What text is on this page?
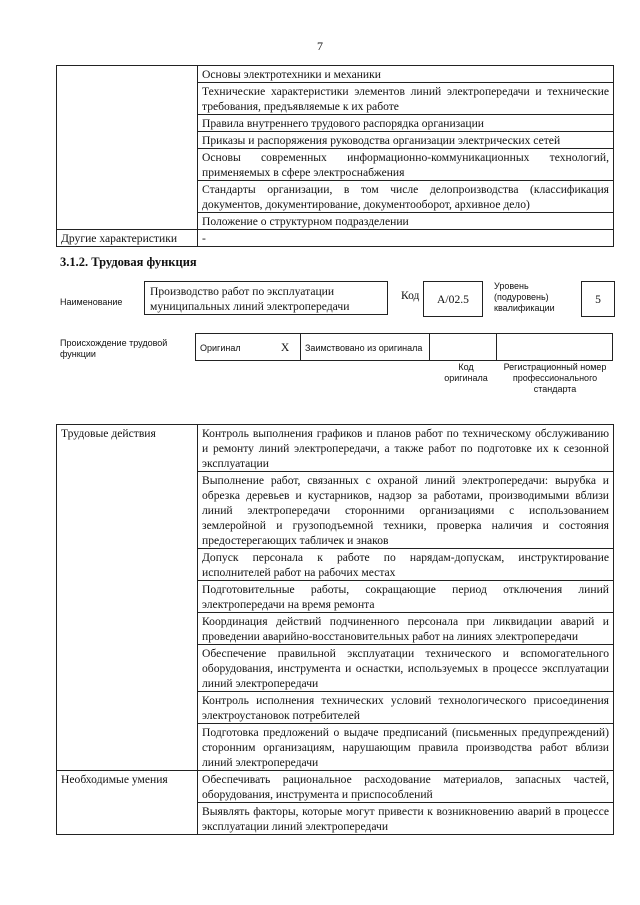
7
	Основы электротехники и механики
	Технические характеристики элементов линий электропередачи и технические требования, предъявляемые к их работе
	Правила внутреннего трудового распорядка организации
	Приказы и распоряжения руководства организации электрических сетей
	Основы современных информационно-коммуникационных технологий, применяемых в сфере электроснабжения
	Стандарты организации, в том числе делопроизводства (классификация документов, документирование, документооборот, архивное дело)
	Положение о структурном подразделении
Другие характеристики	-
3.1.2. Трудовая функция
Наименование
Производство работ по эксплуатации муниципальных линий электропередачи
Код	A/02.5
Уровень (подуровень) квалификации
5
Происхождение трудовой функции
Оригинал	X	Заимствовано из оригинала		
Код оригинала
Регистрационный номер профессионального стандарта
Трудовые действия	Контроль выполнения графиков и планов работ по техническому обслуживанию и ремонту линий электропередачи, а также работ по подготовке их к сезонной эксплуатации
	Выполнение работ, связанных с охраной линий электропередачи: вырубка и обрезка деревьев и кустарников, надзор за работами, производимыми вблизи линий электропередачи сторонними организациями с использованием землеройной и грузоподъемной техники, проверка наличия и состояния предостерегающих табличек и знаков
	Допуск персонала к работе по нарядам-допускам, инструктирование исполнителей работ на рабочих местах
	Подготовительные работы, сокращающие период отключения линий электропередачи на время ремонта
	Координация действий подчиненного персонала при ликвидации аварий и проведении аварийно-восстановительных работ на линиях электропередачи
	Обеспечение правильной эксплуатации технического и вспомогательного оборудования, инструмента и оснастки, используемых в процессе эксплуатации линий электропередачи
	Контроль исполнения технических условий технологического присоединения электроустановок потребителей
	Подготовка предложений о выдаче предписаний (письменных предупреждений) сторонним организациям, нарушающим правила производства работ вблизи линий электропередачи
Необходимые умения	Обеспечивать рациональное расходование материалов, запасных частей, оборудования, инструмента и приспособлений
	Выявлять факторы, которые могут привести к возникновению аварий в процессе эксплуатации линий электропередачи
